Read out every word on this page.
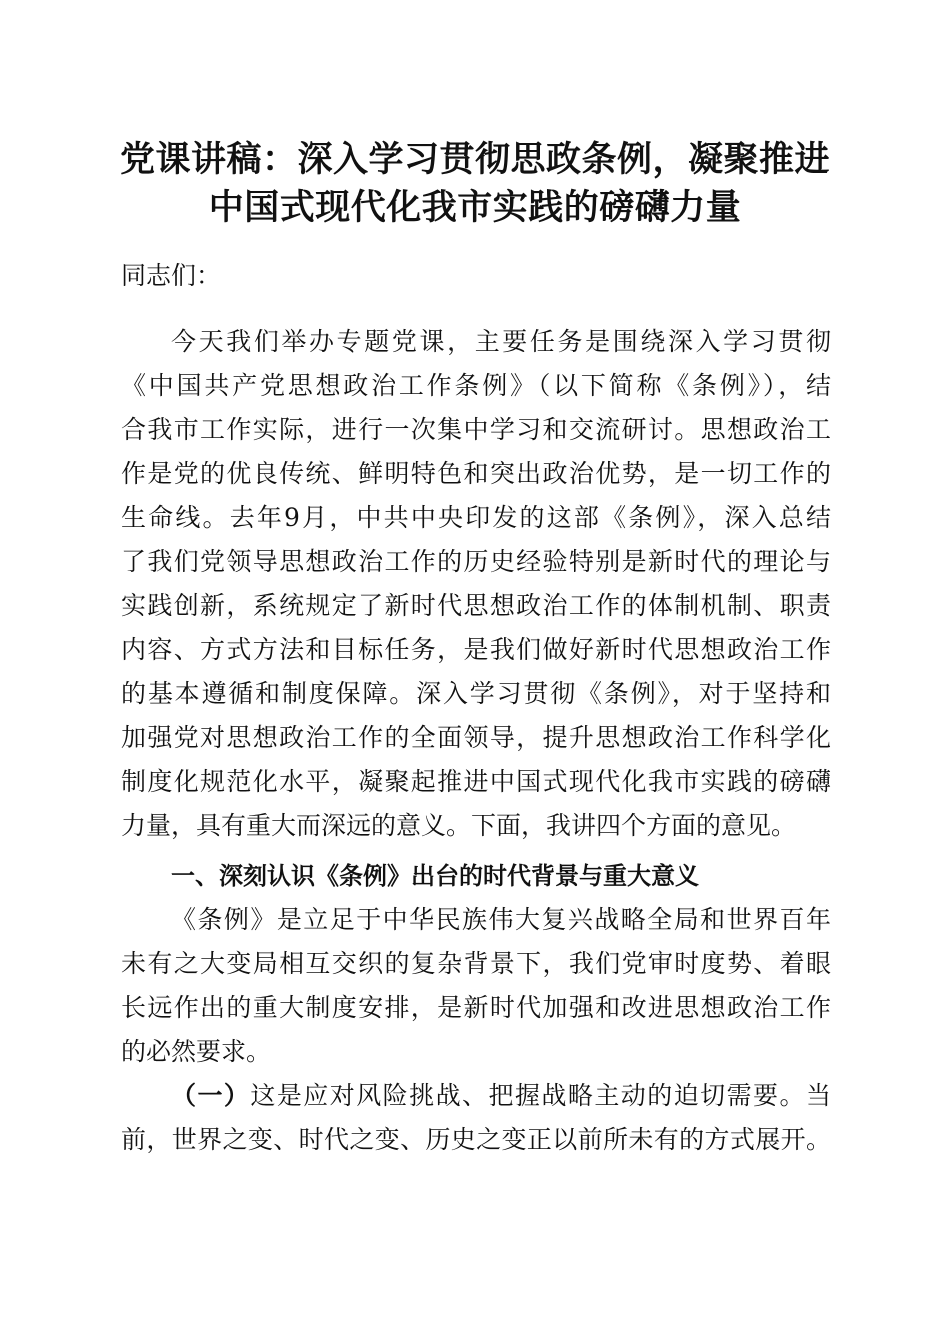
党课讲稿：深入学习贯彻思政条例，凝聚推进
中国式现代化我市实践的磅礴力量
同志们：
今天我们举办专题党课，主要任务是围绕深入学习贯彻
《中国共产党思想政治工作条例》（以下简称《条例》），结
合我市工作实际，进行一次集中学习和交流研讨。思想政治工
作是党的优良传统、鲜明特色和突出政治优势，是一切工作的
生命线。去年9月，中共中央印发的这部《条例》，深入总结
了我们党领导思想政治工作的历史经验特别是新时代的理论与
实践创新，系统规定了新时代思想政治工作的体制机制、职责
内容、方式方法和目标任务，是我们做好新时代思想政治工作
的基本遵循和制度保障。深入学习贯彻《条例》，对于坚持和
加强党对思想政治工作的全面领导，提升思想政治工作科学化
制度化规范化水平，凝聚起推进中国式现代化我市实践的磅礴
力量，具有重大而深远的意义。下面，我讲四个方面的意见。
一、深刻认识《条例》出台的时代背景与重大意义
《条例》是立足于中华民族伟大复兴战略全局和世界百年
未有之大变局相互交织的复杂背景下，我们党审时度势、着眼
长远作出的重大制度安排，是新时代加强和改进思想政治工作
的必然要求。
（一）这是应对风险挑战、把握战略主动的迫切需要。当
前，世界之变、时代之变、历史之变正以前所未有的方式展开。
